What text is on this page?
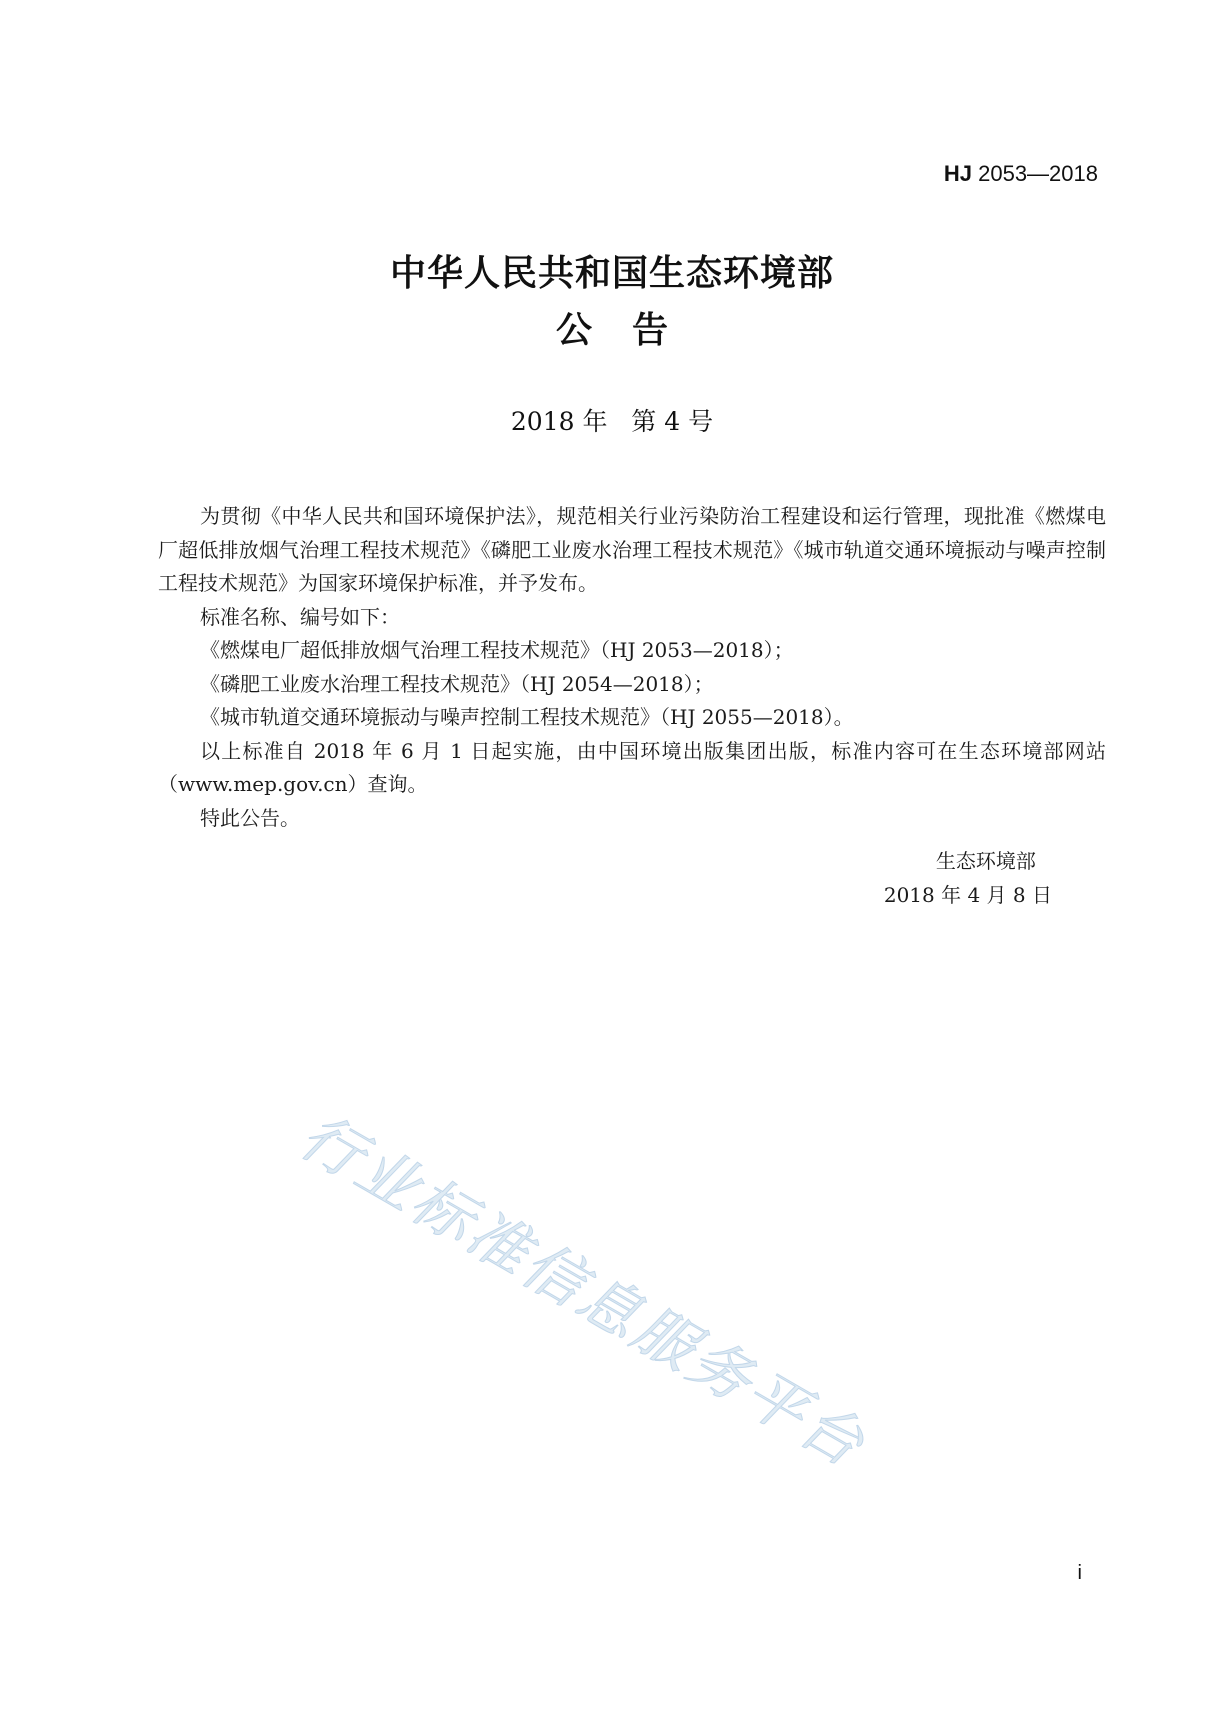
HJ 2053—2018
中华人民共和国生态环境部
公告
2018 年   第 4 号

为贯彻《中华人民共和国环境保护法》，规范相关行业污染防治工程建设和运行管理，现批准《燃煤电厂超低排放烟气治理工程技术规范》《磷肥工业废水治理工程技术规范》《城市轨道交通环境振动与噪声控制工程技术规范》为国家环境保护标准，并予发布。

标准名称、编号如下：

《燃煤电厂超低排放烟气治理工程技术规范》（HJ 2053—2018）；

《磷肥工业废水治理工程技术规范》（HJ 2054—2018）；

《城市轨道交通环境振动与噪声控制工程技术规范》（HJ 2055—2018）。

以上标准自 2018 年 6 月 1 日起实施，由中国环境出版集团出版，标准内容可在生态环境部网站（www.mep.gov.cn）查询。

特此公告。

生态环境部
2018 年 4 月 8 日
行业标准信息服务平台
i
